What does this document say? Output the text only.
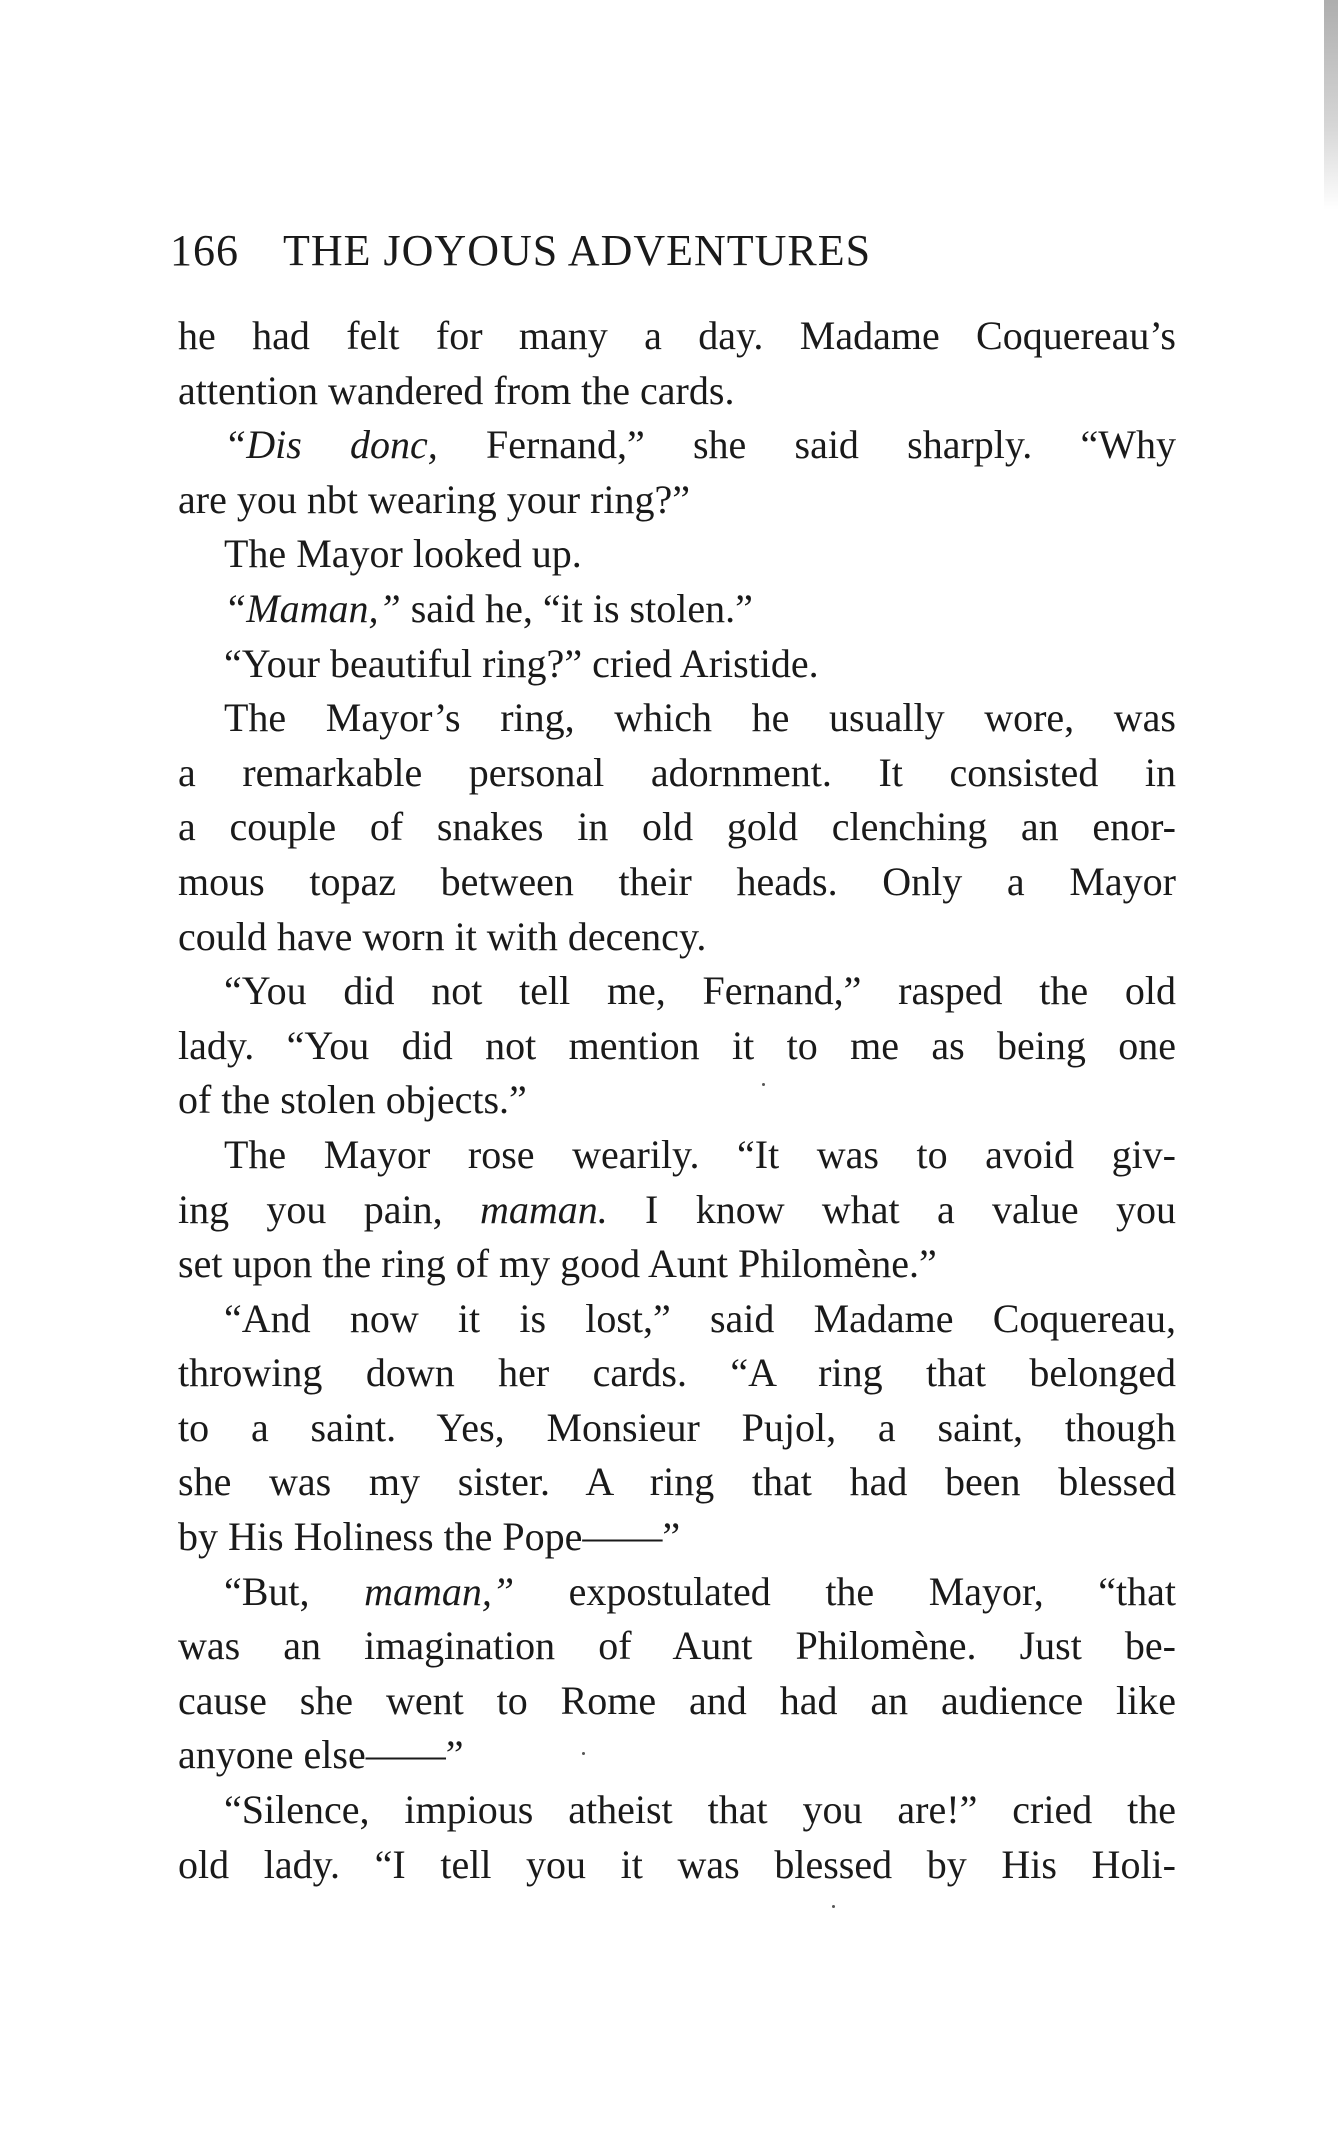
166 THE JOYOUS ADVENTURES
he had felt for many a day. Madame Coquereau’s
attention wandered from the cards.
“Dis donc, Fernand,” she said sharply. “Why
are you nbt wearing your ring?”
The Mayor looked up.
“Maman,” said he, “it is stolen.”
“Your beautiful ring?” cried Aristide.
The Mayor’s ring, which he usually wore, was
a remarkable personal adornment. It consisted in
a couple of snakes in old gold clenching an enor-
mous topaz between their heads. Only a Mayor
could have worn it with decency.
“You did not tell me, Fernand,” rasped the old
lady. “You did not mention it to me as being one
of the stolen objects.”
The Mayor rose wearily. “It was to avoid giv-
ing you pain, maman. I know what a value you
set upon the ring of my good Aunt Philomène.”
“And now it is lost,” said Madame Coquereau,
throwing down her cards. “A ring that belonged
to a saint. Yes, Monsieur Pujol, a saint, though
she was my sister. A ring that had been blessed
by His Holiness the Pope——”
“But, maman,” expostulated the Mayor, “that
was an imagination of Aunt Philomène. Just be-
cause she went to Rome and had an audience like
anyone else——”
“Silence, impious atheist that you are!” cried the
old lady. “I tell you it was blessed by His Holi-
